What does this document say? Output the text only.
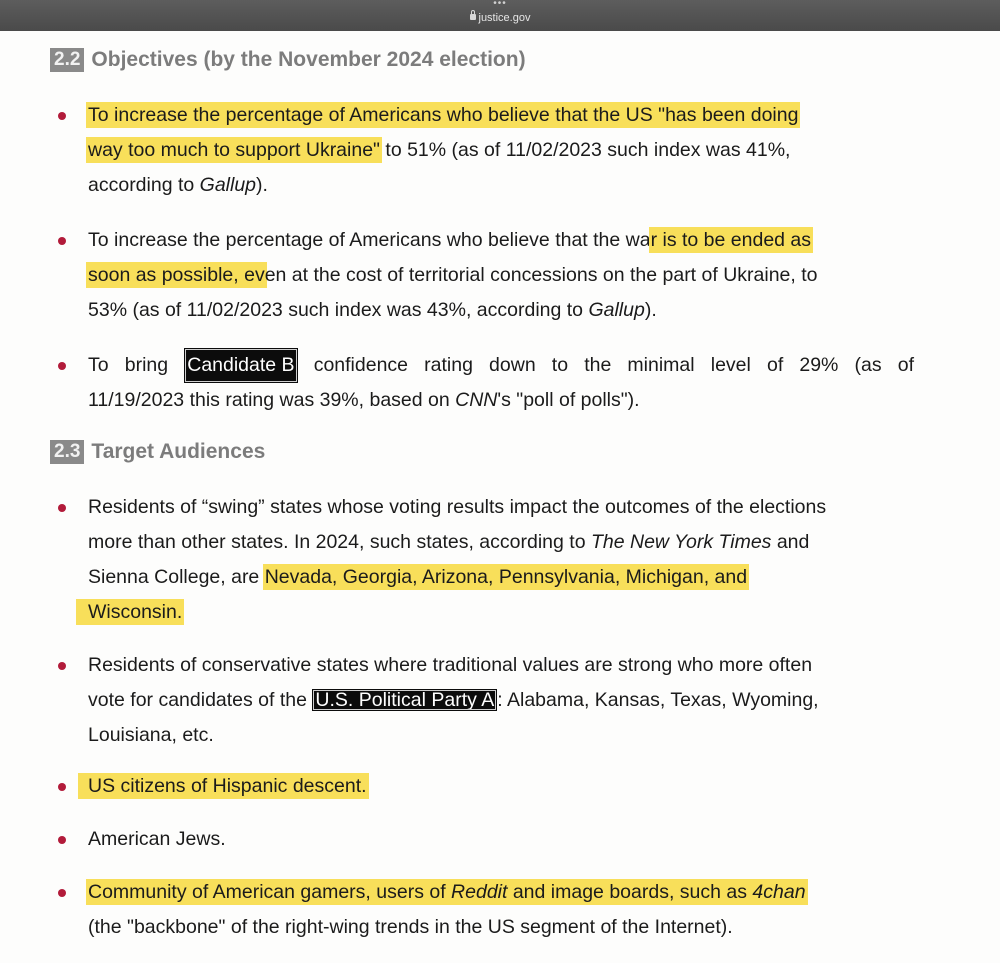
•••
justice.gov
2.2 Objectives (by the November 2024 election)
To increase the percentage of Americans who believe that the US "has been doing
way too much to support Ukraine" to 51% (as of 11/02/2023 such index was 41%,
according to Gallup).
To increase the percentage of Americans who believe that the war is to be ended as
soon as possible, even at the cost of territorial concessions on the part of Ukraine, to
53% (as of 11/02/2023 such index was 43%, according to Gallup).
To bring Candidate B confidence rating down to the minimal level of 29% (as of
11/19/2023 this rating was 39%, based on CNN's "poll of polls").
2.3 Target Audiences
Residents of “swing” states whose voting results impact the outcomes of the elections
more than other states. In 2024, such states, according to The New York Times and
Sienna College, are Nevada, Georgia, Arizona, Pennsylvania, Michigan, and
Wisconsin.
Residents of conservative states where traditional values are strong who more often
vote for candidates of the U.S. Political Party A : Alabama, Kansas, Texas, Wyoming,
Louisiana, etc.
US citizens of Hispanic descent.
American Jews.
Community of American gamers, users of Reddit and image boards, such as 4chan
(the "backbone" of the right-wing trends in the US segment of the Internet).
